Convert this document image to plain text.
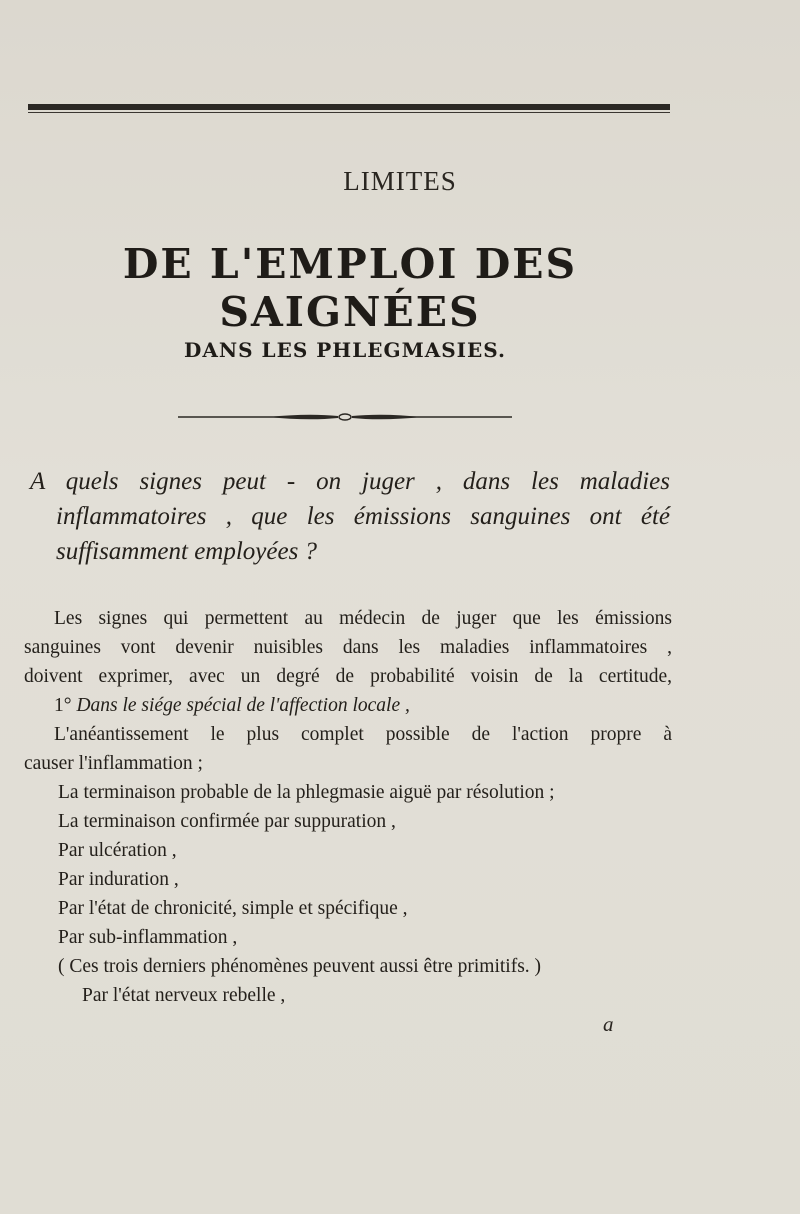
LIMITES
DE L'EMPLOI DES SAIGNÉES
DANS LES PHLEGMASIES.
A quels signes peut - on juger , dans les maladies
inflammatoires , que les émissions sanguines ont été
suffisamment employées ?
Les signes qui permettent au médecin de juger que les émissions
sanguines vont devenir nuisibles dans les maladies inflammatoires ,
doivent exprimer, avec un degré de probabilité voisin de la certitude,
1° Dans le siége spécial de l'affection locale ,
L'anéantissement le plus complet possible de l'action propre à
causer l'inflammation ;
La terminaison probable de la phlegmasie aiguë par résolution ;
La terminaison confirmée par suppuration ,
Par ulcération ,
Par induration ,
Par l'état de chronicité, simple et spécifique ,
Par sub-inflammation ,
( Ces trois derniers phénomènes peuvent aussi être primitifs. )
Par l'état nerveux rebelle ,
a
